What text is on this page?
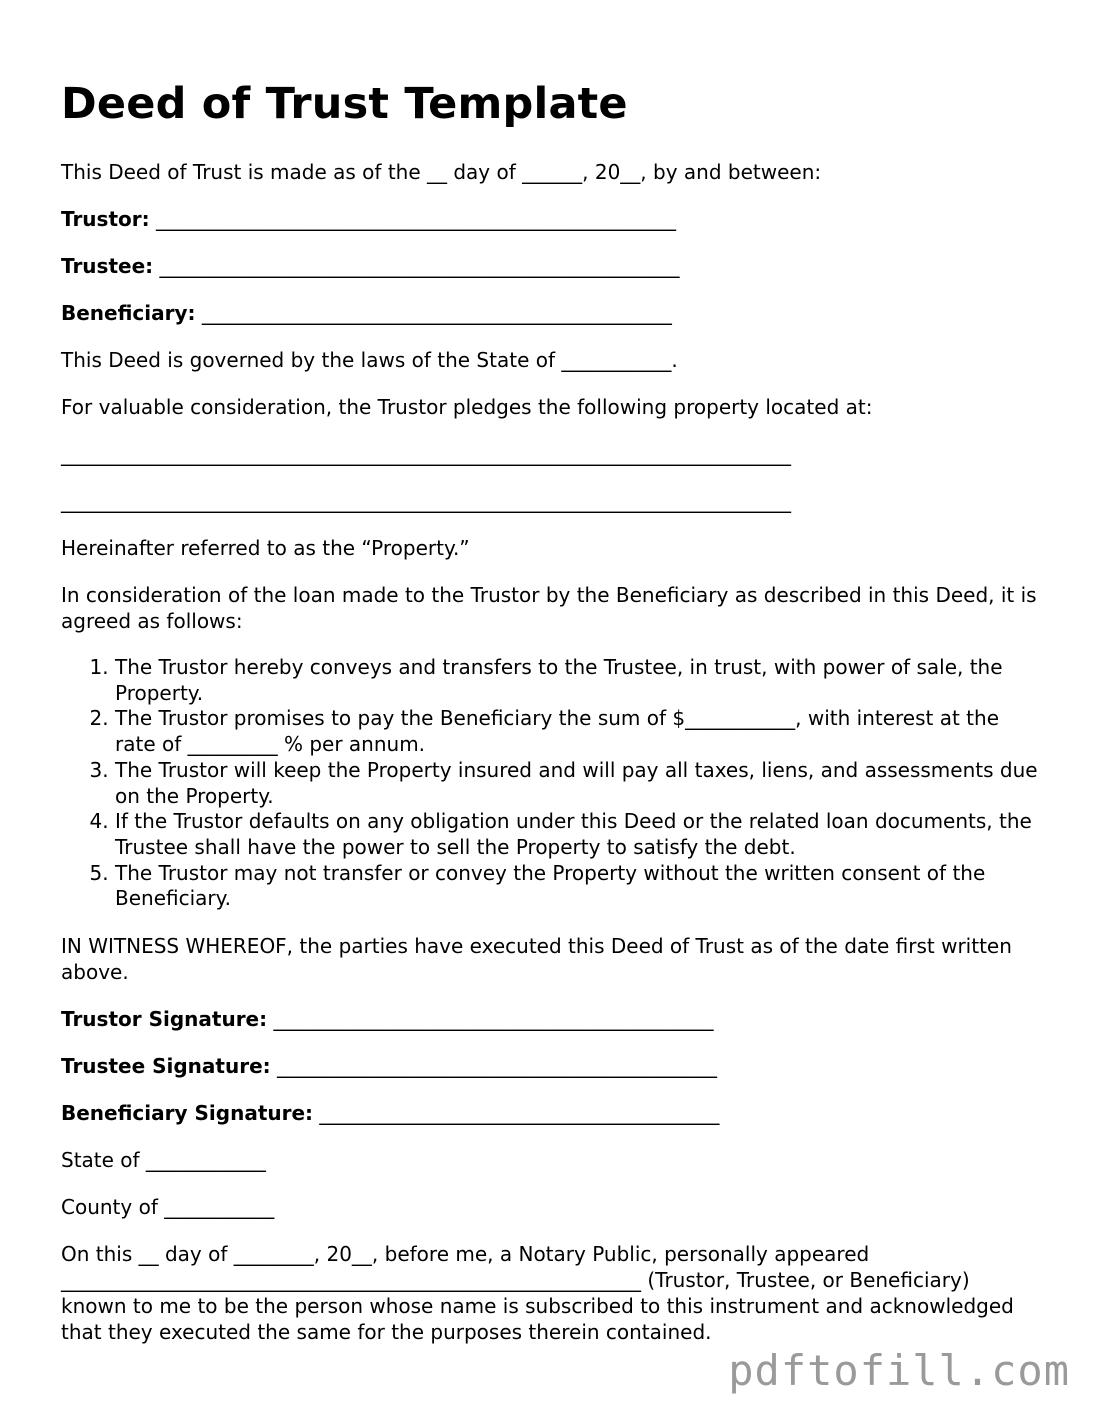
Deed of Trust Template

This Deed of Trust is made as of the __ day of ______, 20__, by and between:

Trustor: ____________________________________________________

Trustee: ____________________________________________________

Beneficiary: _______________________________________________

This Deed is governed by the laws of the State of ___________.

For valuable consideration, the Trustor pledges the following property located at:

_________________________________________________________________________

_________________________________________________________________________

Hereinafter referred to as the “Property.”

In consideration of the loan made to the Trustor by the Beneficiary as described in this Deed, it is agreed as follows:

1. The Trustor hereby conveys and transfers to the Trustee, in trust, with power of sale, the Property.
2. The Trustor promises to pay the Beneficiary the sum of $___________, with interest at the rate of _________ % per annum.
3. The Trustor will keep the Property insured and will pay all taxes, liens, and assessments due on the Property.
4. If the Trustor defaults on any obligation under this Deed or the related loan documents, the Trustee shall have the power to sell the Property to satisfy the debt.
5. The Trustor may not transfer or convey the Property without the written consent of the Beneficiary.

IN WITNESS WHEREOF, the parties have executed this Deed of Trust as of the date first written above.

Trustor Signature: ____________________________________________

Trustee Signature: ____________________________________________

Beneficiary Signature: ________________________________________

State of ____________

County of ___________

On this __ day of ________, 20__, before me, a Notary Public, personally appeared __________________________________________________________ (Trustor, Trustee, or Beneficiary) known to me to be the person whose name is subscribed to this instrument and acknowledged that they executed the same for the purposes therein contained.

pdftofill.com
